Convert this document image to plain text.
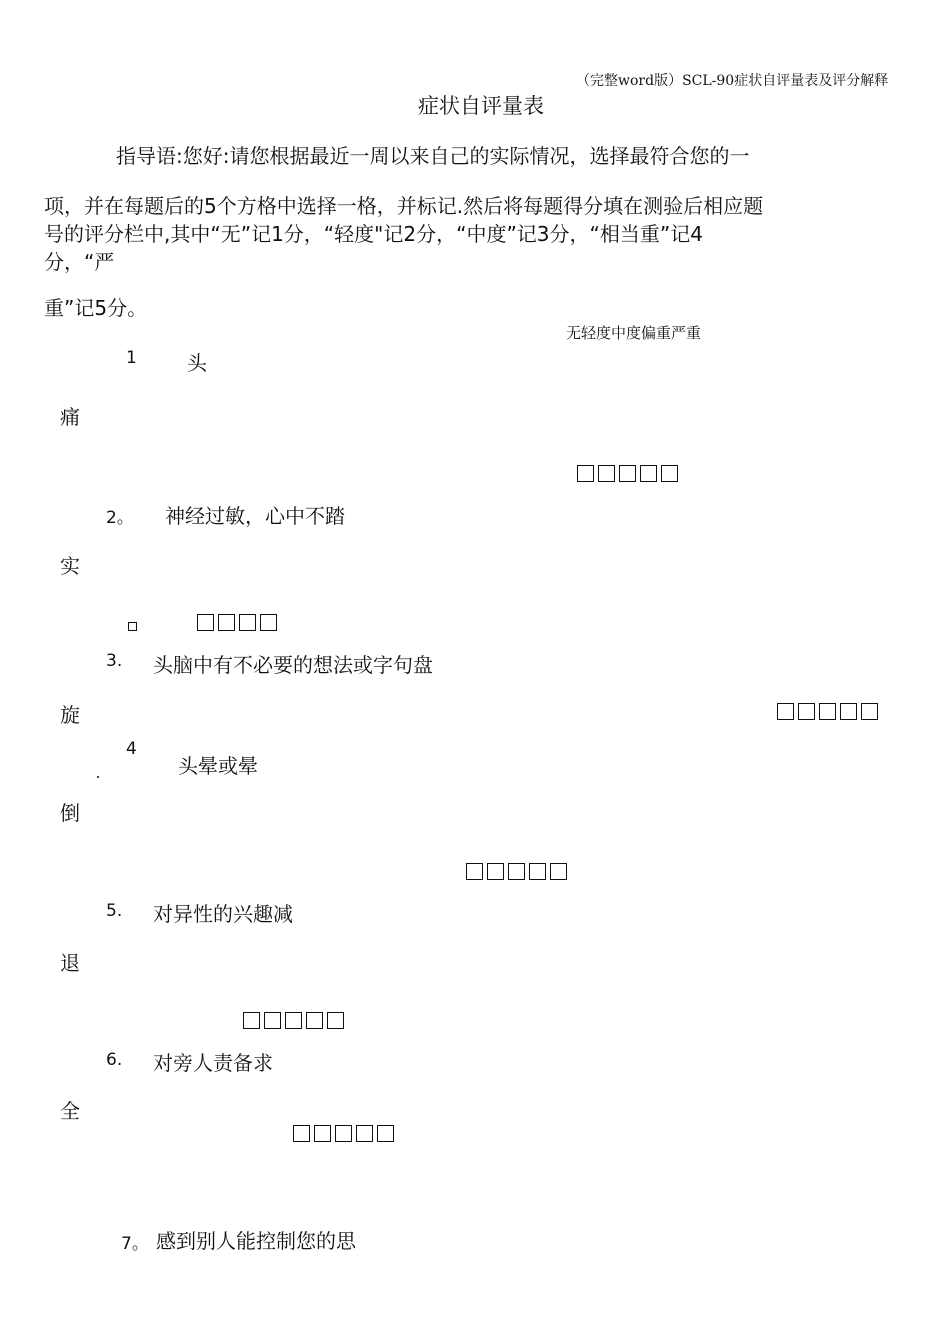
（完整word版）SCL-90症状自评量表及评分解释
症状自评量表
指导语:您好:请您根据最近一周以来自己的实际情况，选择最符合您的一
项，并在每题后的5个方格中选择一格，并标记.然后将每题得分填在测验后相应题
号的评分栏中,其中“无”记1分，“轻度"记2分，“中度”记3分，“相当重”记4
分，“严
重”记5分。
无轻度中度偏重严重
1	头
痛
2。 神经过敏，心中不踏
实
3. 头脑中有不必要的想法或字句盘
旋
4
头晕或晕
倒
5. 对异性的兴趣减
退
6. 对旁人责备求
全
7。 感到别人能控制您的思
